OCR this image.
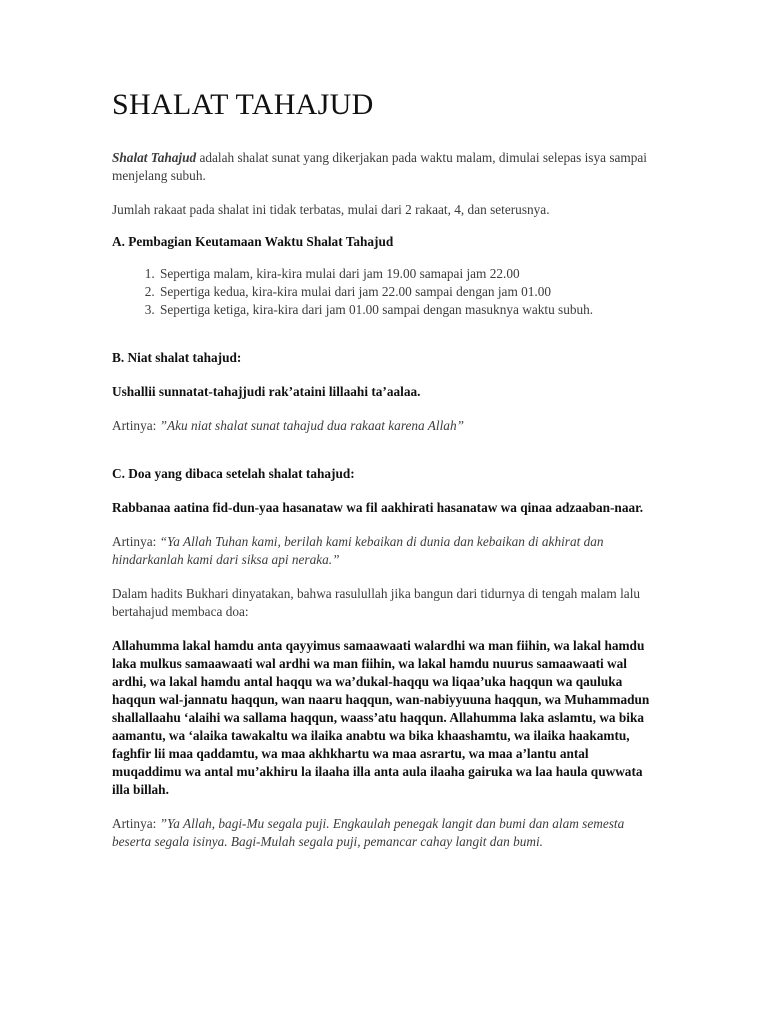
SHALAT TAHAJUD

Shalat Tahajud adalah shalat sunat yang dikerjakan pada waktu malam, dimulai selepas isya sampai menjelang subuh.

Jumlah rakaat pada shalat ini tidak terbatas, mulai dari 2 rakaat, 4, dan seterusnya.

A. Pembagian Keutamaan Waktu Shalat Tahajud

1. Sepertiga malam, kira-kira mulai dari jam 19.00 samapai jam 22.00
2. Sepertiga kedua, kira-kira mulai dari jam 22.00 sampai dengan jam 01.00
3. Sepertiga ketiga, kira-kira dari jam 01.00 sampai dengan masuknya waktu subuh.

B. Niat shalat tahajud:

Ushallii sunnatat-tahajjudi rak’ataini lillaahi ta’aalaa.

Artinya: ”Aku niat shalat sunat tahajud dua rakaat karena Allah”

C. Doa yang dibaca setelah shalat tahajud:

Rabbanaa aatina fid-dun-yaa hasanataw wa fil aakhirati hasanataw wa qinaa adzaaban-naar.

Artinya: “Ya Allah Tuhan kami, berilah kami kebaikan di dunia dan kebaikan di akhirat dan hindarkanlah kami dari siksa api neraka.”

Dalam hadits Bukhari dinyatakan, bahwa rasulullah jika bangun dari tidurnya di tengah malam lalu bertahajud membaca doa:

Allahumma lakal hamdu anta qayyimus samaawaati walardhi wa man fiihin, wa lakal hamdu laka mulkus samaawaati wal ardhi wa man fiihin, wa lakal hamdu nuurus samaawaati wal ardhi, wa lakal hamdu antal haqqu wa wa’dukal-haqqu wa liqaa’uka haqqun wa qauluka haqqun wal-jannatu haqqun, wan naaru haqqun, wan-nabiyyuuna haqqun, wa Muhammadun shallallaahu ‘alaihi wa sallama haqqun, waass’atu haqqun. Allahumma laka aslamtu, wa bika aamantu, wa ‘alaika tawakaltu wa ilaika anabtu wa bika khaashamtu, wa ilaika haakamtu, faghfir lii maa qaddamtu, wa maa akhkhartu wa maa asrartu, wa maa a’lantu antal muqaddimu wa antal mu’akhiru la ilaaha illa anta aula ilaaha gairuka wa laa haula quwwata illa billah.

Artinya: ”Ya Allah, bagi-Mu segala puji. Engkaulah penegak langit dan bumi dan alam semesta beserta segala isinya. Bagi-Mulah segala puji, pemancar cahay langit dan bumi.
